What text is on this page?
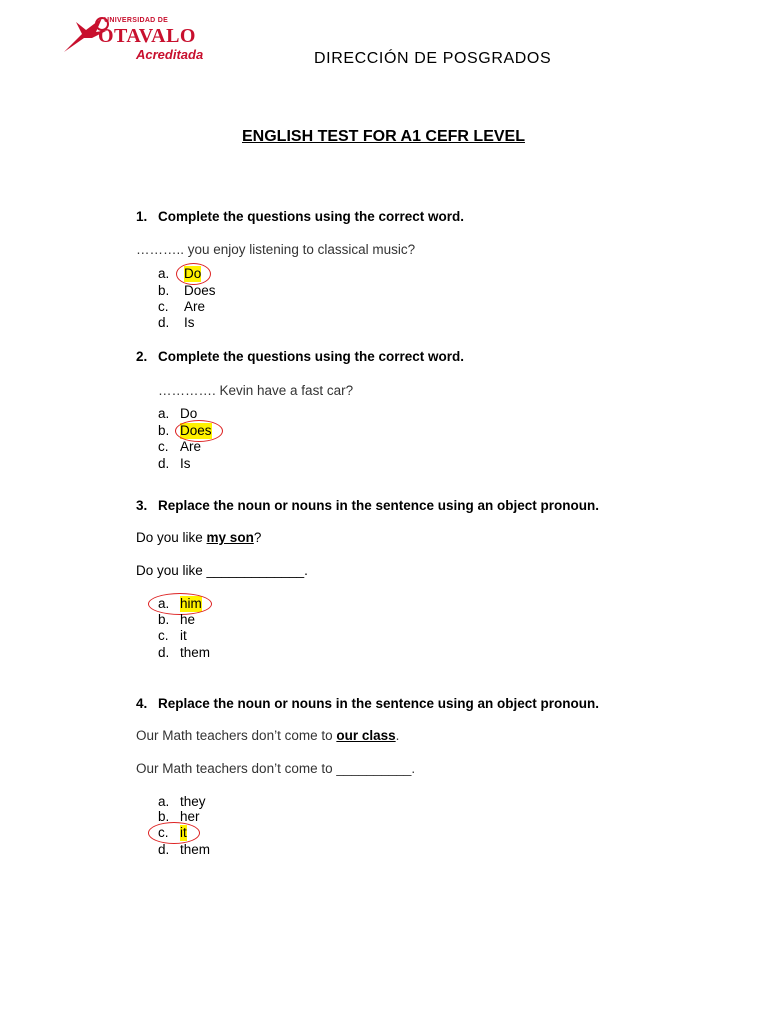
UNIVERSIDAD DE
OTAVALO
Acreditada	DIRECCIÓN DE POSGRADOS
ENGLISH TEST FOR A1 CEFR LEVEL
1. Complete the questions using the correct word.
……….. you enjoy listening to classical music?
a. Do
b. Does
c. Are
d. Is
2. Complete the questions using the correct word.
…………. Kevin have a fast car?
a. Do
b. Does
c. Are
d. Is
3. Replace the noun or nouns in the sentence using an object pronoun.
Do you like my son?
Do you like _____________.
a. him
b. he
c. it
d. them
4. Replace the noun or nouns in the sentence using an object pronoun.
Our Math teachers don’t come to our class.
Our Math teachers don’t come to __________.
a. they
b. her
c. it
d. them
